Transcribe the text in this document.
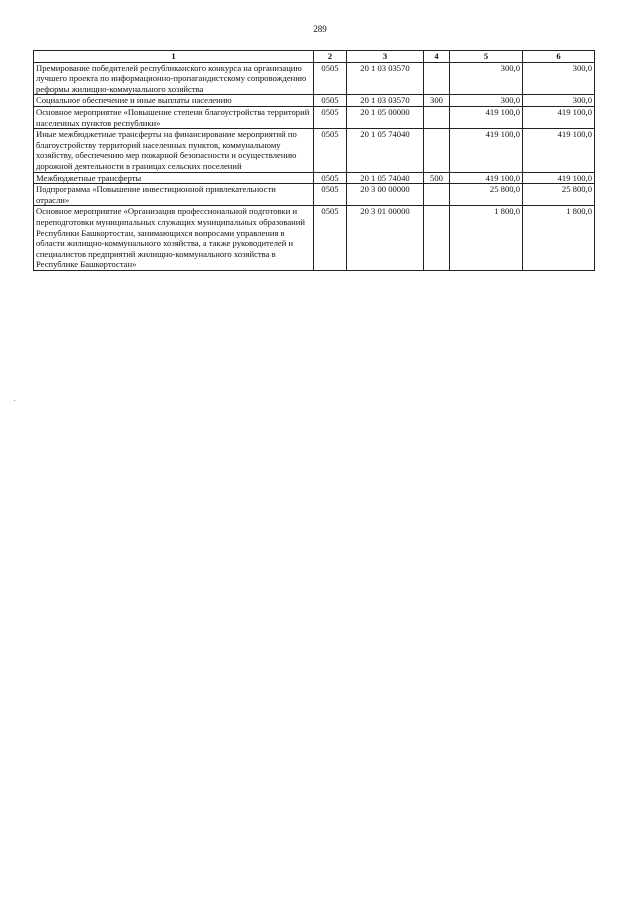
289
1	2	3	4	5	6
Премирование победителей республиканского конкурса на организацию лучшего проекта по информационно-пропагандистскому сопровождению реформы жилищно-коммунального хозяйства	0505	20 1 03 03570		300,0	300,0
Социальное обеспечение и иные выплаты населению	0505	20 1 03 03570	300	300,0	300,0
Основное мероприятие «Повышение степени благоустройства территорий населенных пунктов республики»	0505	20 1 05 00000		419 100,0	419 100,0
Иные межбюджетные трансферты на финансирование мероприятий по благоустройству территорий населенных пунктов, коммунальному хозяйству, обеспечению мер пожарной безопасности и осуществлению дорожной деятельности в границах сельских поселений	0505	20 1 05 74040		419 100,0	419 100,0
Межбюджетные трансферты	0505	20 1 05 74040	500	419 100,0	419 100,0
Подпрограмма «Повышение инвестиционной привлекательности отрасли»	0505	20 3 00 00000		25 800,0	25 800,0
Основное мероприятие «Организация профессиональной подготовки и переподготовки муниципальных служащих муниципальных образований Республики Башкортостан, занимающихся вопросами управления в области жилищно-коммунального хозяйства, а также руководителей и специалистов предприятий жилищно-коммунального хозяйства в Республике Башкортостан»	0505	20 3 01 00000		1 800,0	1 800,0
